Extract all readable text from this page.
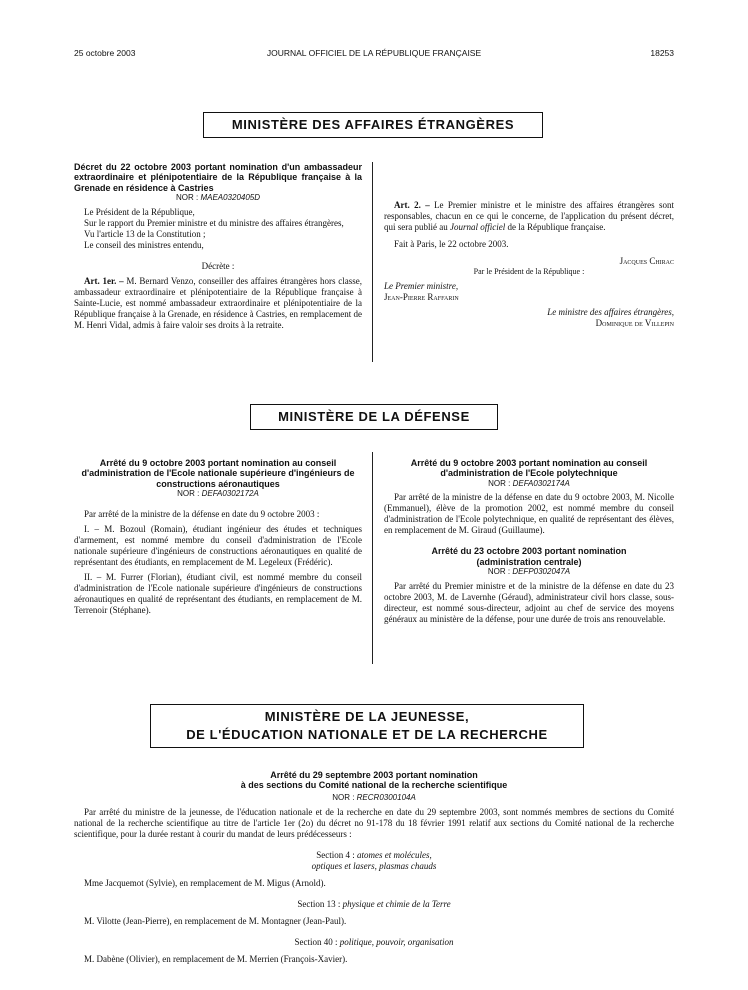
25 octobre 2003	JOURNAL OFFICIEL DE LA RÉPUBLIQUE FRANÇAISE	18253
MINISTÈRE DES AFFAIRES ÉTRANGÈRES

Décret du 22 octobre 2003 portant nomination d'un ambassadeur extraordinaire et plénipotentiaire de la République française à la Grenade en résidence à Castries

NOR : MAEA0320405D

Le Président de la République,

Sur le rapport du Premier ministre et du ministre des affaires étrangères,

Vu l'article 13 de la Constitution ;

Le conseil des ministres entendu,

Décrète :

Art. 1er. – M. Bernard Venzo, conseiller des affaires étrangères hors classe, ambassadeur extraordinaire et plénipotentiaire de la République française à Sainte-Lucie, est nommé ambassadeur extraordinaire et plénipotentiaire de la République française à la Grenade, en résidence à Castries, en remplacement de M. Henri Vidal, admis à faire valoir ses droits à la retraite.

Art. 2. – Le Premier ministre et le ministre des affaires étrangères sont responsables, chacun en ce qui le concerne, de l'application du présent décret, qui sera publié au Journal officiel de la République française.

Fait à Paris, le 22 octobre 2003.

Jacques Chirac

Par le Président de la République :

Le Premier ministre,

Jean-Pierre Raffarin

Le ministre des affaires étrangères,

Dominique de Villepin

MINISTÈRE DE LA DÉFENSE

Arrêté du 9 octobre 2003 portant nomination au conseil d'administration de l'Ecole nationale supérieure d'ingénieurs de constructions aéronautiques

NOR : DEFA0302172A

Par arrêté de la ministre de la défense en date du 9 octobre 2003 :

I. – M. Bozoul (Romain), étudiant ingénieur des études et techniques d'armement, est nommé membre du conseil d'administration de l'Ecole nationale supérieure d'ingénieurs de constructions aéronautiques en qualité de représentant des étudiants, en remplacement de M. Legeleux (Frédéric).

II. – M. Furrer (Florian), étudiant civil, est nommé membre du conseil d'administration de l'Ecole nationale supérieure d'ingénieurs de constructions aéronautiques en qualité de représentant des étudiants, en remplacement de M. Terrenoir (Stéphane).

Arrêté du 9 octobre 2003 portant nomination au conseil d'administration de l'Ecole polytechnique

NOR : DEFA0302174A

Par arrêté de la ministre de la défense en date du 9 octobre 2003, M. Nicolle (Emmanuel), élève de la promotion 2002, est nommé membre du conseil d'administration de l'Ecole polytechnique, en qualité de représentant des élèves, en remplacement de M. Giraud (Guillaume).

Arrêté du 23 octobre 2003 portant nomination

(administration centrale)

NOR : DEFP0302047A

Par arrêté du Premier ministre et de la ministre de la défense en date du 23 octobre 2003, M. de Lavernhe (Géraud), administrateur civil hors classe, sous-directeur, est nommé sous-directeur, adjoint au chef de service des moyens généraux au ministère de la défense, pour une durée de trois ans renouvelable.

MINISTÈRE DE LA JEUNESSE,
DE L'ÉDUCATION NATIONALE ET DE LA RECHERCHE

Arrêté du 29 septembre 2003 portant nomination

à des sections du Comité national de la recherche scientifique

NOR : RECR0300104A

Par arrêté du ministre de la jeunesse, de l'éducation nationale et de la recherche en date du 29 septembre 2003, sont nommés membres de sections du Comité national de la recherche scientifique au titre de l'article 1er (2o) du décret no 91-178 du 18 février 1991 relatif aux sections du Comité national de la recherche scientifique, pour la durée restant à courir du mandat de leurs prédécesseurs :

Section 4 : atomes et molécules,

optiques et lasers, plasmas chauds

Mme Jacquemot (Sylvie), en remplacement de M. Migus (Arnold).

Section 13 : physique et chimie de la Terre

M. Vilotte (Jean-Pierre), en remplacement de M. Montagner (Jean-Paul).

Section 40 : politique, pouvoir, organisation

M. Dabène (Olivier), en remplacement de M. Merrien (François-Xavier).
